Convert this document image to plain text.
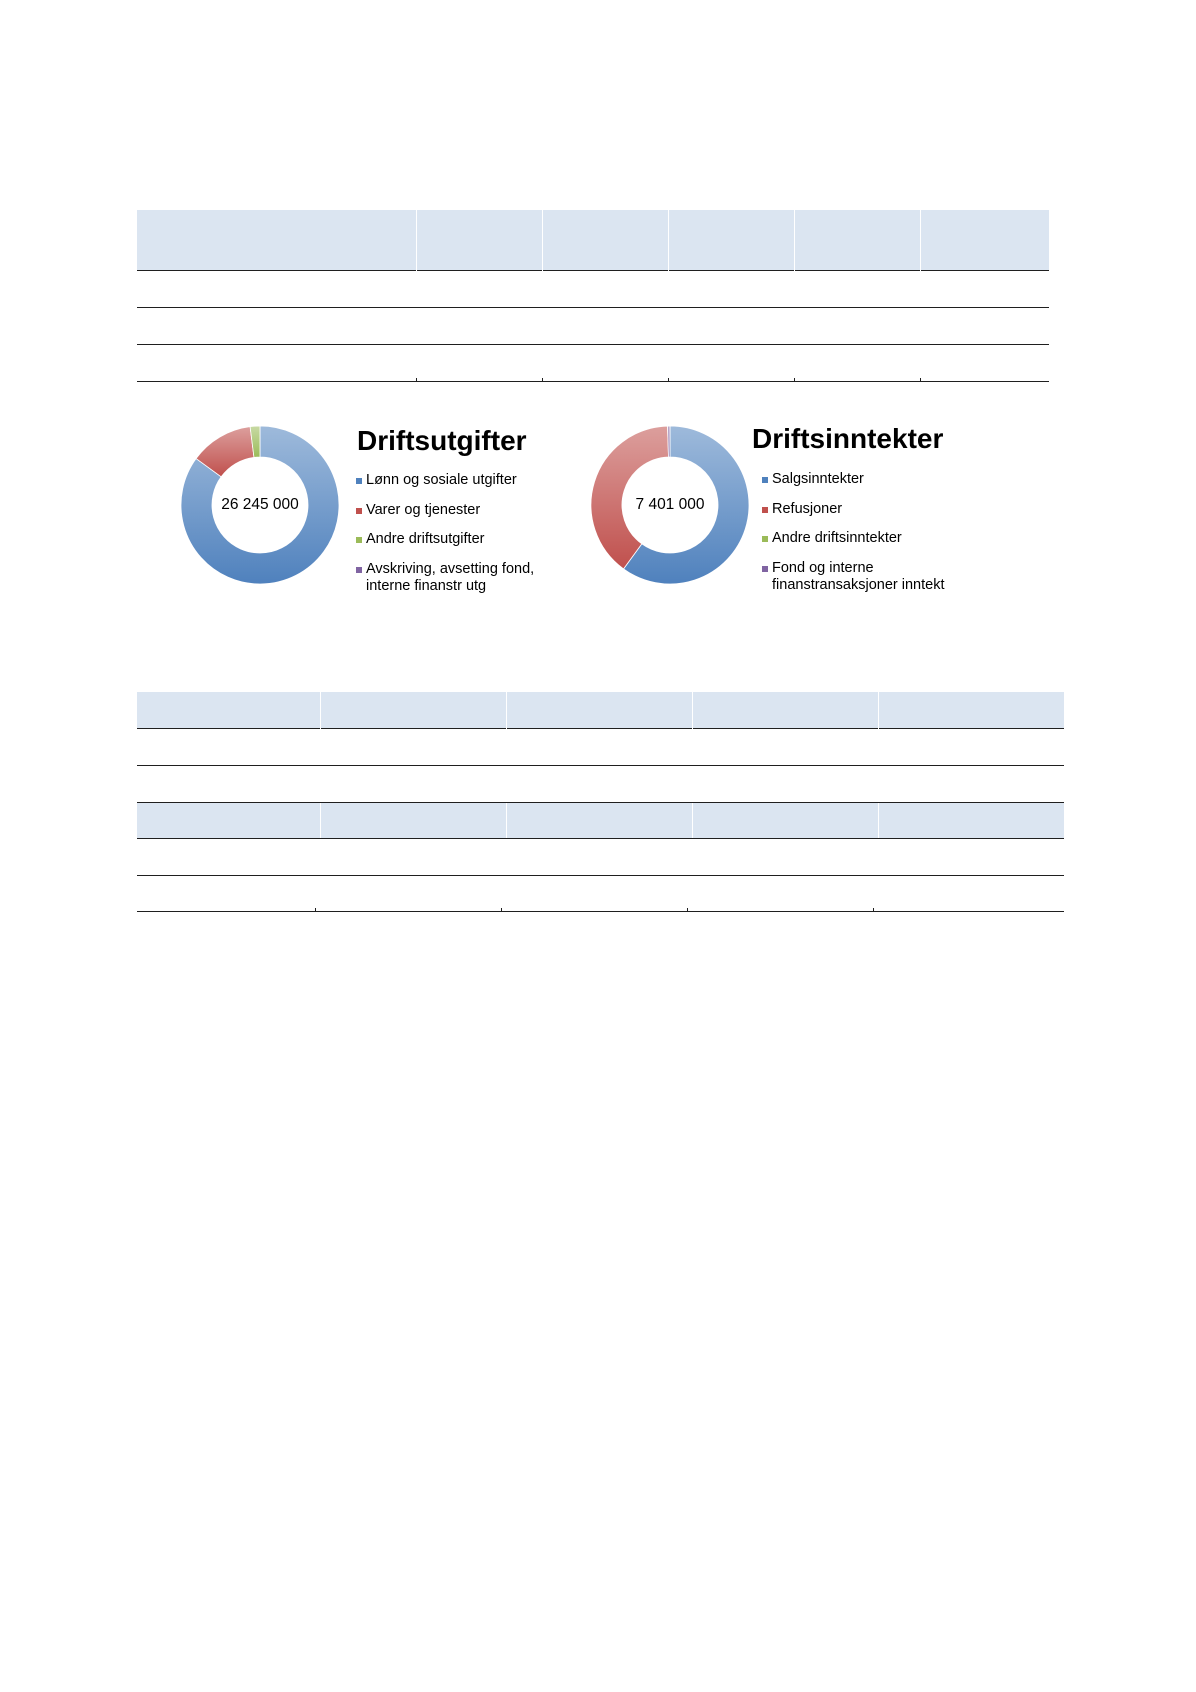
26 245 000
Driftsutgifter
Lønn og sosiale utgifter
Varer og tjenester
Andre driftsutgifter
Avskriving, avsetting fond,
interne finanstr utg
7 401 000
Driftsinntekter
Salgsinntekter
Refusjoner
Andre driftsinntekter
Fond og interne
finanstransaksjoner inntekt
